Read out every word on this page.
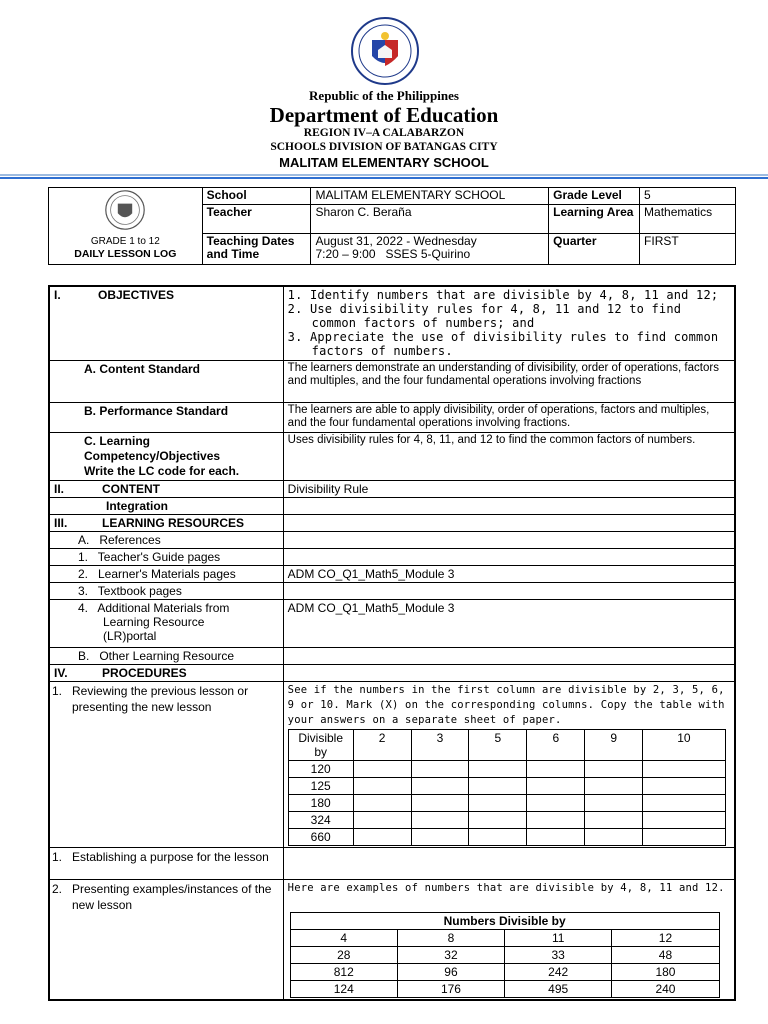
Republic of the Philippines
Department of Education
REGION IV–A CALABARZON
SCHOOLS DIVISION OF BATANGAS CITY
MALITAM ELEMENTARY SCHOOL
GRADE 1 to 12
DAILY LESSON LOG	School	MALITAM ELEMENTARY SCHOOL	Grade Level	5
	Teacher	Sharon C. Beraña	Learning Area	Mathematics
	Teaching Dates and Time	August 31, 2022 - Wednesday
7:20 – 9:00   SSES 5-Quirino	Quarter	FIRST
I.	OBJECTIVES	1. Identify numbers that are divisible by 4, 8, 11 and 12;
2. Use divisibility rules for 4, 8, 11 and 12 to find common factors of numbers; and
3. Appreciate the use of divisibility rules to find common factors of numbers.

A. Content Standard	The learners demonstrate an understanding of divisibility, order of operations, factors and multiples, and the four fundamental operations involving fractions
B. Performance Standard	The learners are able to apply divisibility, order of operations, factors and multiples, and the four fundamental operations involving fractions.

C. Learning
Competency/Objectives
Write the LC code for each.
	Uses divisibility rules for 4, 8, 11, and 12 to find the common factors of numbers.
II.	CONTENT	Divisibility Rule
Integration	
III.	LEARNING RESOURCES	
A.   References	
1.   Teacher's Guide pages	
2.   Learner's Materials pages	ADM CO_Q1_Math5_Module 3
3.   Textbook pages	

4.   Additional Materials from
Learning Resource
(LR)portal
	ADM CO_Q1_Math5_Module 3
B.   Other Learning Resource	
IV.	PROCEDURES	
1.   Reviewing the previous lesson or presenting the new lesson	
See if the numbers in the first column are divisible by 2, 3, 5, 6, 9 or 10. Mark (X) on the corresponding columns. Copy the table with your answers on a separate sheet of paper.
Divisible by	2	3	5	6	9	10
120						
125						
180						
324						
660						

1.   Establishing a purpose for the lesson	
2.   Presenting examples/instances of the new lesson	
Here are examples of numbers that are divisible by 4, 8, 11 and 12.
Numbers Divisible by
4	8	11	12
28	32	33	48
812	96	242	180
124	176	495	240
